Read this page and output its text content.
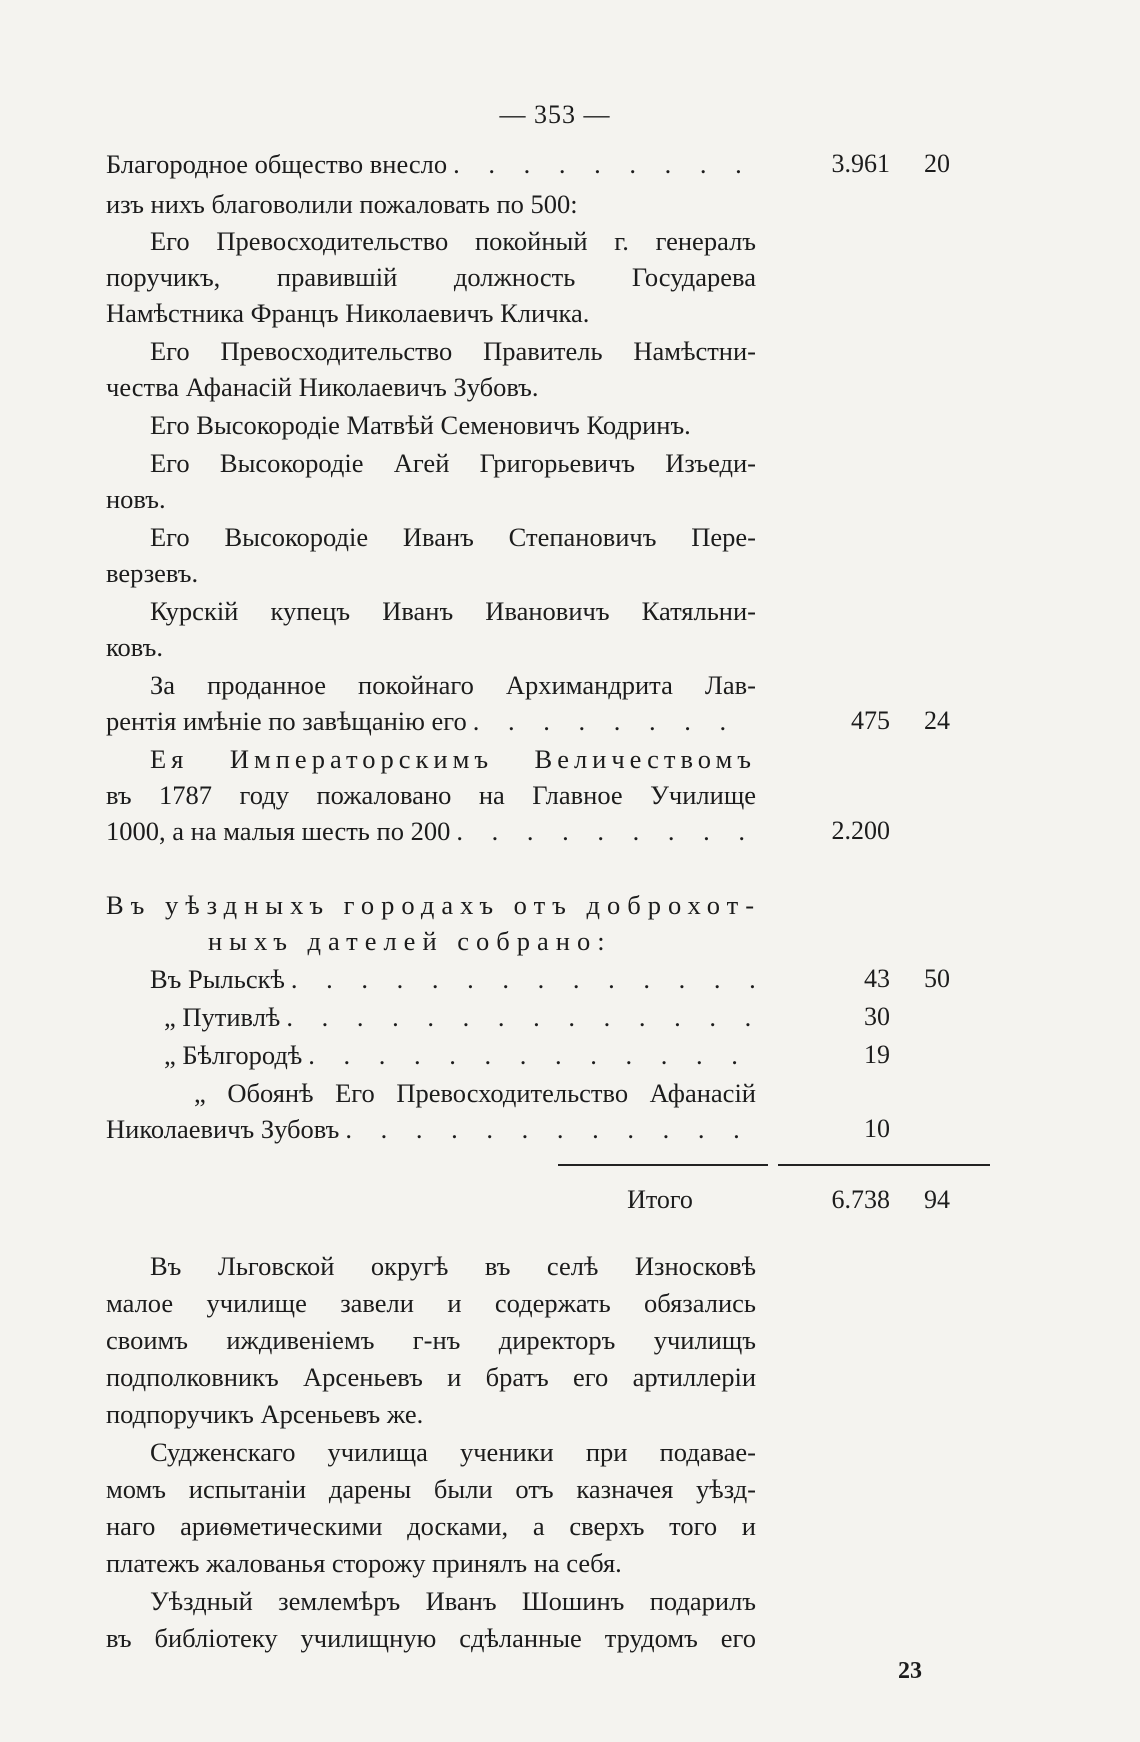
— 353 —
Благородное общество внесло . . .	3.961	20
изъ нихъ благоволили пожаловать по 500:
Его Превосходительство покойный г. генералъ
поручикъ, правившій должность Государева
Намѣстника Францъ Николаевичъ Кличка.
Его Превосходительство Правитель Намѣстни-
чества Афанасій Николаевичъ Зубовъ.
Его Высокородіе Матвѣй Семеновичъ Кодринъ.
Его Высокородіе Агей Григорьевичъ Изъеди-
новъ.
Его Высокородіе Иванъ Степановичъ Пере-
верзевъ.
Курскій купецъ Иванъ Ивановичъ Катяльни-
ковъ.
За проданное покойнаго Архимандрита Лав-
рентія имѣніе по завѣщанію его . . .	475	24
Ея Императорскимъ Величествомъ
въ 1787 году пожаловано на Главное Училище
1000, а на малыя шесть по 200 . . .	2.200
Въ уѣздныхъ городахъ отъ доброхот-
ныхъ дателей собрано:
Въ Рыльскѣ . . .	43	50
„ Путивлѣ . . .	30
„ Бѣлгородѣ . . .	19
„ Обоянѣ Его Превосходительство Афанасій
Николаевичъ Зубовъ . . .	10
Итого	6.738	94
Въ Льговской округѣ въ селѣ Износковѣ
малое училище завели и содержать обязались
своимъ иждивеніемъ г-нъ директоръ училищъ
подполковникъ Арсеньевъ и братъ его артиллеріи
подпоручикъ Арсеньевъ же.
Судженскаго училища ученики при подавае-
момъ испытаніи дарены были отъ казначея уѣзд-
наго ариѳметическими досками, а сверхъ того и
платежъ жалованья сторожу принялъ на себя.
Уѣздный землемѣръ Иванъ Шошинъ подарилъ
въ библіотеку училищную сдѣланные трудомъ его
23
